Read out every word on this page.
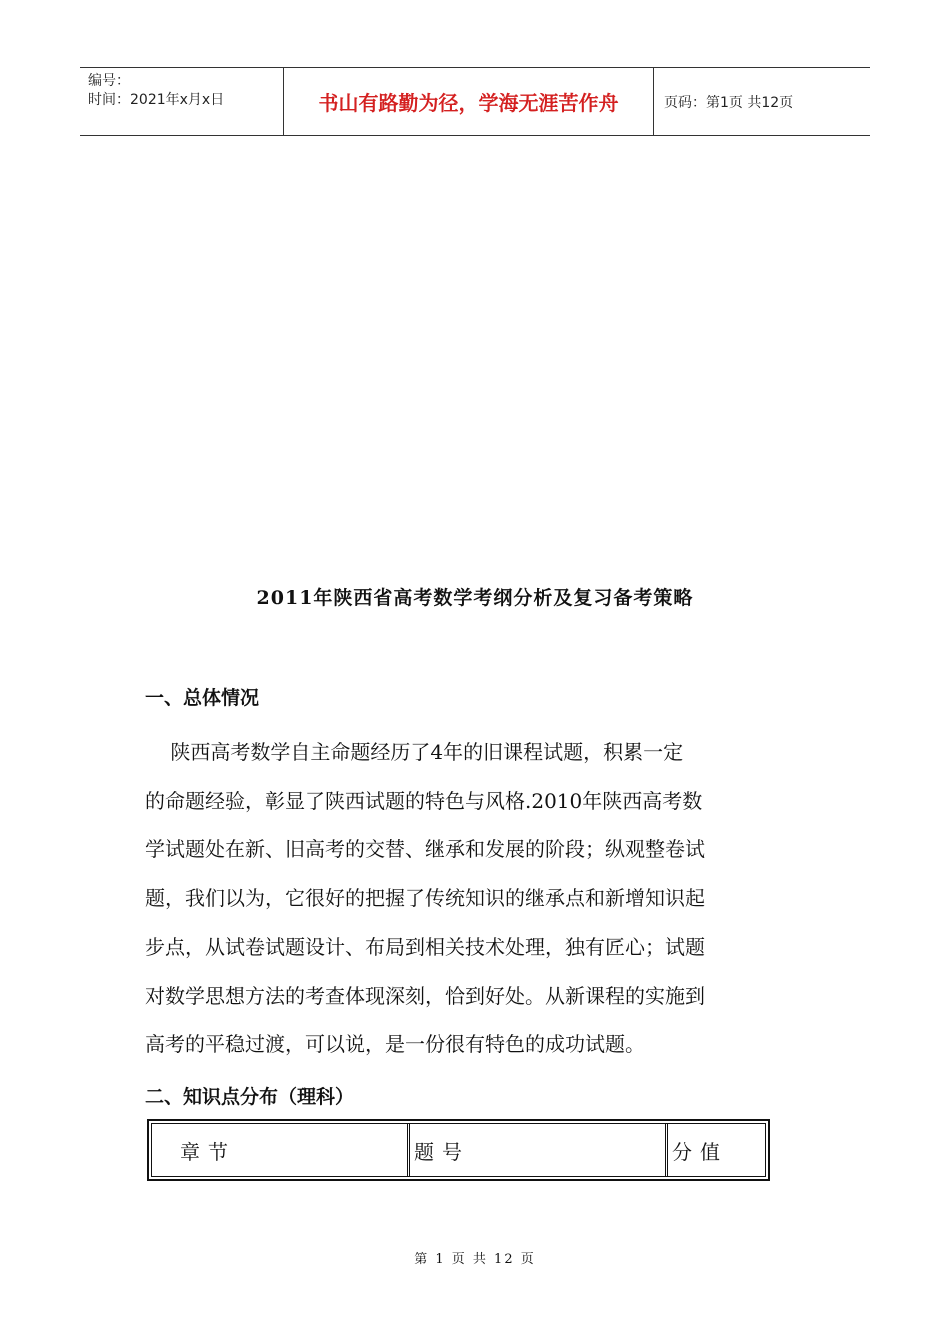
编号：
时间：2021年x月x日	书山有路勤为径，学海无涯苦作舟	页码：第1页 共12页
2011年陕西省高考数学考纲分析及复习备考策略
一、总体情况
陕西高考数学自主命题经历了4年的旧课程试题，积累一定
的命题经验，彰显了陕西试题的特色与风格.2010年陕西高考数
学试题处在新、旧高考的交替、继承和发展的阶段；纵观整卷试
题，我们以为，它很好的把握了传统知识的继承点和新增知识起
步点，从试卷试题设计、布局到相关技术处理，独有匠心；试题
对数学思想方法的考查体现深刻，恰到好处。从新课程的实施到
高考的平稳过渡，可以说，是一份很有特色的成功试题。
二、知识点分布（理科）
章节	题号	分值
第 1 页 共 12 页
